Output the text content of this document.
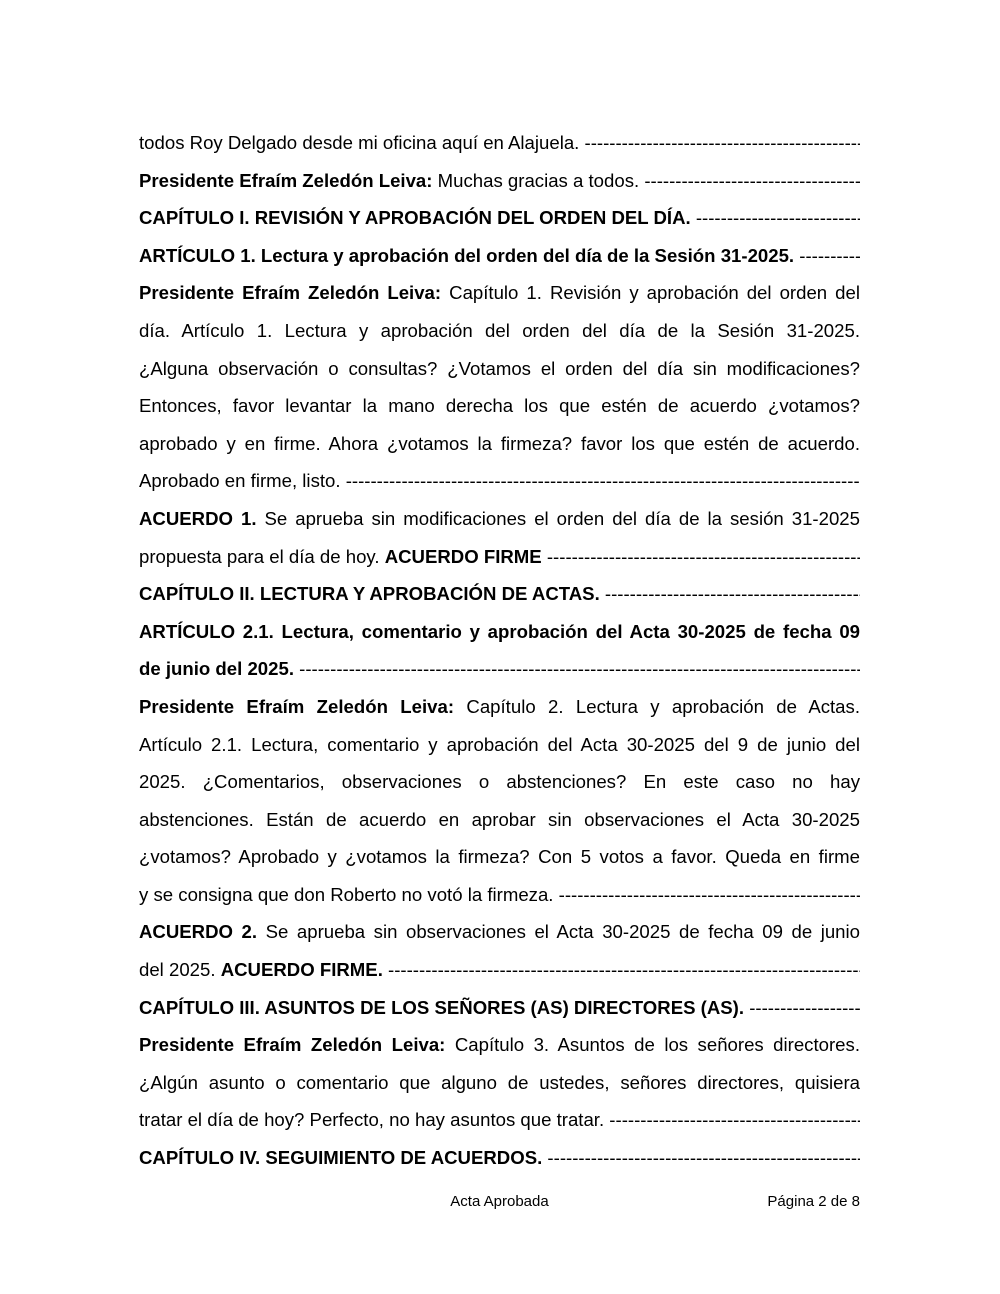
todos Roy Delgado desde mi oficina aquí en Alajuela. -----
Presidente Efraím Zeledón Leiva: Muchas gracias a todos. -----
CAPÍTULO I. REVISIÓN Y APROBACIÓN DEL ORDEN DEL DÍA. -----
ARTÍCULO 1. Lectura y aprobación del orden del día de la Sesión 31-2025. -----
Presidente Efraím Zeledón Leiva: Capítulo 1. Revisión y aprobación del orden del
día. Artículo 1. Lectura y aprobación del orden del día de la Sesión 31-2025.
¿Alguna observación o consultas? ¿Votamos el orden del día sin modificaciones?
Entonces, favor levantar la mano derecha los que estén de acuerdo ¿votamos?
aprobado y en firme. Ahora ¿votamos la firmeza? favor los que estén de acuerdo.
Aprobado en firme, listo. -----
ACUERDO 1. Se aprueba sin modificaciones el orden del día de la sesión 31-2025
propuesta para el día de hoy. ACUERDO FIRME -----
CAPÍTULO II. LECTURA Y APROBACIÓN DE ACTAS. -----
ARTÍCULO 2.1. Lectura, comentario y aprobación del Acta 30-2025 de fecha 09
de junio del 2025. -----
Presidente Efraím Zeledón Leiva: Capítulo 2. Lectura y aprobación de Actas.
Artículo 2.1. Lectura, comentario y aprobación del Acta 30-2025 del 9 de junio del
2025. ¿Comentarios, observaciones o abstenciones? En este caso no hay
abstenciones. Están de acuerdo en aprobar sin observaciones el Acta 30-2025
¿votamos? Aprobado y ¿votamos la firmeza? Con 5 votos a favor. Queda en firme
y se consigna que don Roberto no votó la firmeza. -----
ACUERDO 2. Se aprueba sin observaciones el Acta 30-2025 de fecha 09 de junio
del 2025. ACUERDO FIRME. -----
CAPÍTULO III. ASUNTOS DE LOS SEÑORES (AS) DIRECTORES (AS). -----
Presidente Efraím Zeledón Leiva: Capítulo 3. Asuntos de los señores directores.
¿Algún asunto o comentario que alguno de ustedes, señores directores, quisiera
tratar el día de hoy? Perfecto, no hay asuntos que tratar. -----
CAPÍTULO IV. SEGUIMIENTO DE ACUERDOS. -----
Acta Aprobada	Página 2 de 8
